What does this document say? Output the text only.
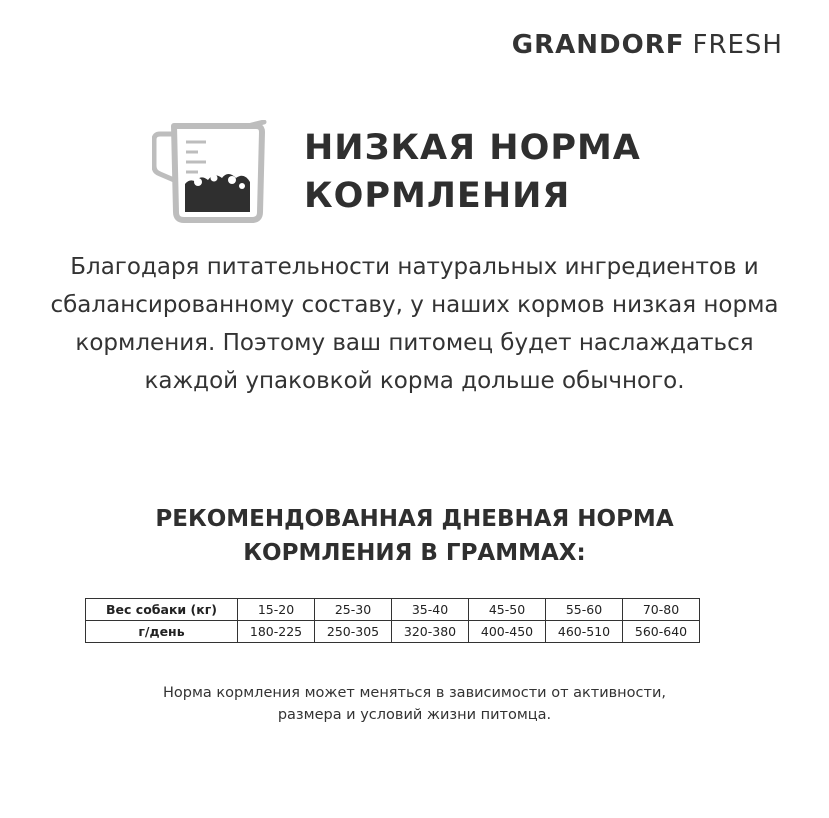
GRANDORF FRESH
НИЗКАЯ НОРМА
КОРМЛЕНИЯ
Благодаря питательности натуральных ингредиентов и
сбалансированному составу, у наших кормов низкая норма
кормления. Поэтому ваш питомец будет наслаждаться
каждой упаковкой корма дольше обычного.
РЕКОМЕНДОВАННАЯ ДНЕВНАЯ НОРМА
КОРМЛЕНИЯ В ГРАММАХ:
Вес собаки (кг)	15-20	25-30	35-40	45-50	55-60	70-80
г/день	180-225	250-305	320-380	400-450	460-510	560-640
Норма кормления может меняться в зависимости от активности,
размера и условий жизни питомца.
